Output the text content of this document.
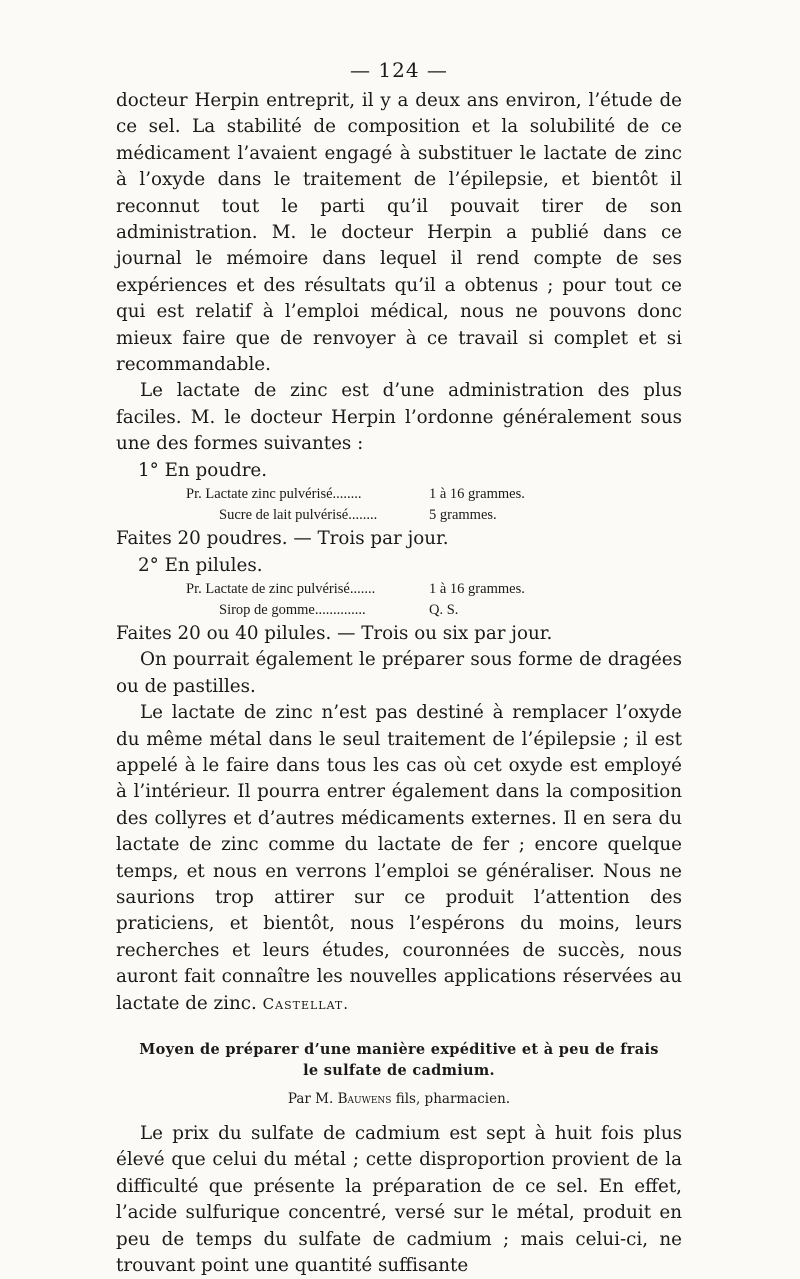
— 124 —

docteur Herpin entreprit, il y a deux ans environ, l’étude de ce sel. La stabilité de composition et la solubilité de ce médicament l’avaient engagé à substituer le lactate de zinc à l’oxyde dans le traitement de l’épilepsie, et bientôt il reconnut tout le parti qu’il pouvait tirer de son administration. M. le docteur Herpin a publié dans ce journal le mémoire dans lequel il rend compte de ses expériences et des résultats qu’il a obtenus ; pour tout ce qui est relatif à l’emploi médical, nous ne pouvons donc mieux faire que de renvoyer à ce travail si complet et si recommandable.

Le lactate de zinc est d’une administration des plus faciles. M. le docteur Herpin l’ordonne généralement sous une des formes suivantes :

1° En poudre.
Pr. Lactate zinc pulvérisé........	1 à 16 grammes.
Sucre de lait pulvérisé........	5 grammes.

Faites 20 poudres. — Trois par jour.

2° En pilules.
Pr. Lactate de zinc pulvérisé.......	1 à 16 grammes.
Sirop de gomme..............	Q. S.

Faites 20 ou 40 pilules. — Trois ou six par jour.

On pourrait également le préparer sous forme de dragées ou de pastilles.

Le lactate de zinc n’est pas destiné à remplacer l’oxyde du même métal dans le seul traitement de l’épilepsie ; il est appelé à le faire dans tous les cas où cet oxyde est employé à l’intérieur. Il pourra entrer également dans la composition des collyres et d’autres médicaments externes. Il en sera du lactate de zinc comme du lactate de fer ; encore quelque temps, et nous en verrons l’emploi se généraliser. Nous ne saurions trop attirer sur ce produit l’attention des praticiens, et bientôt, nous l’espérons du moins, leurs recherches et leurs études, couronnées de succès, nous auront fait connaître les nouvelles applications réservées au lactate de zinc. Castellat.

Moyen de préparer d’une manière expéditive et à peu de frais
le sulfate de cadmium.
Par M. Bauwens fils, pharmacien.

Le prix du sulfate de cadmium est sept à huit fois plus élevé que celui du métal ; cette disproportion provient de la difficulté que présente la préparation de ce sel. En effet, l’acide sulfurique concentré, versé sur le métal, produit en peu de temps du sulfate de cadmium ; mais celui-ci, ne trouvant point une quantité suffisante
